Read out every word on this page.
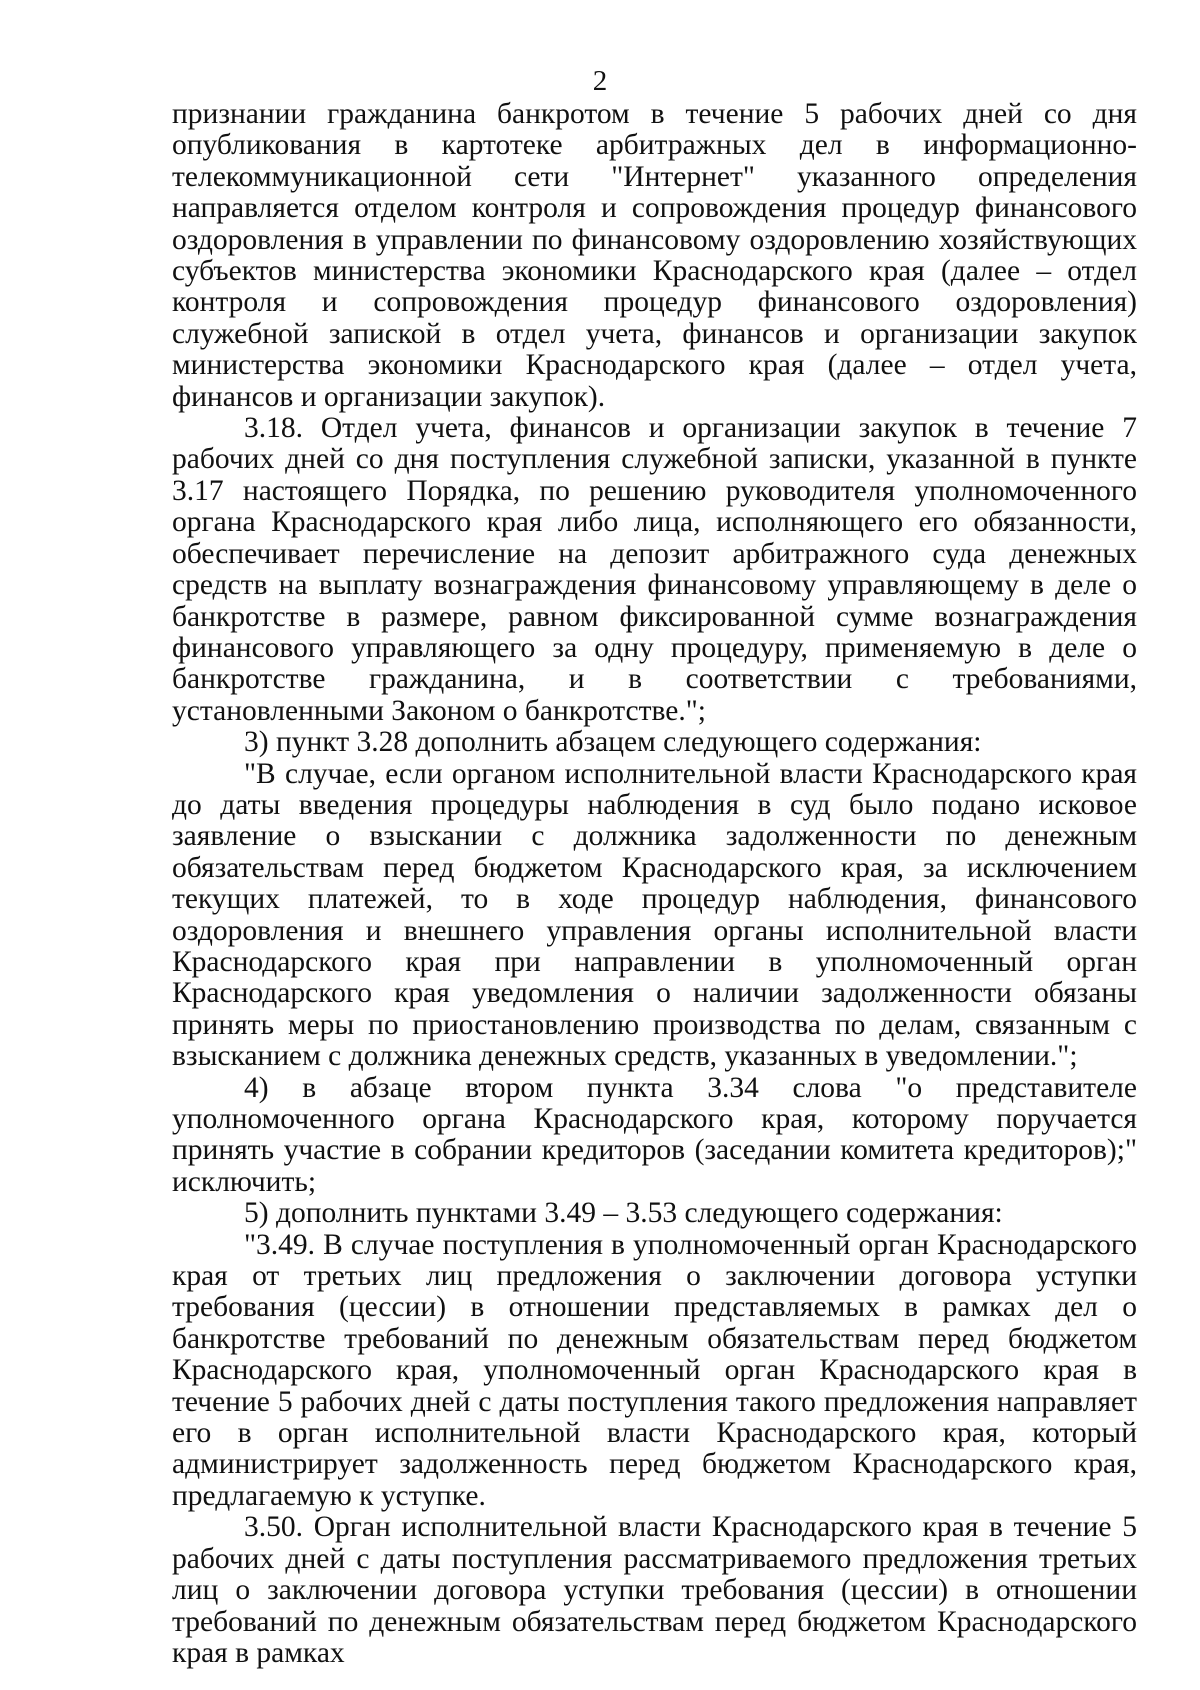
2

признании гражданина банкротом в течение 5 рабочих дней со дня опубликования в картотеке арбитражных дел в информационно-телекоммуникационной сети "Интернет" указанного определения направляется отделом контроля и сопровождения процедур финансового оздоровления в управлении по финансовому оздоровлению хозяйствующих субъектов министерства экономики Краснодарского края (далее – отдел контроля и сопровождения процедур финансового оздоровления) служебной запиской в отдел учета, финансов и организации закупок министерства экономики Краснодарского края (далее – отдел учета, финансов и организации закупок).

3.18. Отдел учета, финансов и организации закупок в течение 7 рабочих дней со дня поступления служебной записки, указанной в пункте 3.17 настоящего Порядка, по решению руководителя уполномоченного органа Краснодарского края либо лица, исполняющего его обязанности, обеспечивает перечисление на депозит арбитражного суда денежных средств на выплату вознаграждения финансовому управляющему в деле о банкротстве в размере, равном фиксированной сумме вознаграждения финансового управляющего за одну процедуру, применяемую в деле о банкротстве гражданина, и в соответствии с требованиями, установленными Законом о банкротстве.";

3) пункт 3.28 дополнить абзацем следующего содержания:

"В случае, если органом исполнительной власти Краснодарского края до даты введения процедуры наблюдения в суд было подано исковое заявление о взыскании с должника задолженности по денежным обязательствам перед бюджетом Краснодарского края, за исключением текущих платежей, то в ходе процедур наблюдения, финансового оздоровления и внешнего управления органы исполнительной власти Краснодарского края при направлении в уполномоченный орган Краснодарского края уведомления о наличии задолженности обязаны принять меры по приостановлению производства по делам, связанным с взысканием с должника денежных средств, указанных в уведомлении.";

4) в абзаце втором пункта 3.34 слова "о представителе уполномоченного органа Краснодарского края, которому поручается принять участие в собрании кредиторов (заседании комитета кредиторов);" исключить;

5) дополнить пунктами 3.49 – 3.53 следующего содержания:

"3.49. В случае поступления в уполномоченный орган Краснодарского края от третьих лиц предложения о заключении договора уступки требования (цессии) в отношении представляемых в рамках дел о банкротстве требований по денежным обязательствам перед бюджетом Краснодарского края, уполномоченный орган Краснодарского края в течение 5 рабочих дней с даты поступления такого предложения направляет его в орган исполнительной власти Краснодарского края, который администрирует задолженность перед бюджетом Краснодарского края, предлагаемую к уступке.

3.50. Орган исполнительной власти Краснодарского края в течение 5 рабочих дней с даты поступления рассматриваемого предложения третьих лиц о заключении договора уступки требования (цессии) в отношении требований по денежным обязательствам перед бюджетом Краснодарского края в рамках
